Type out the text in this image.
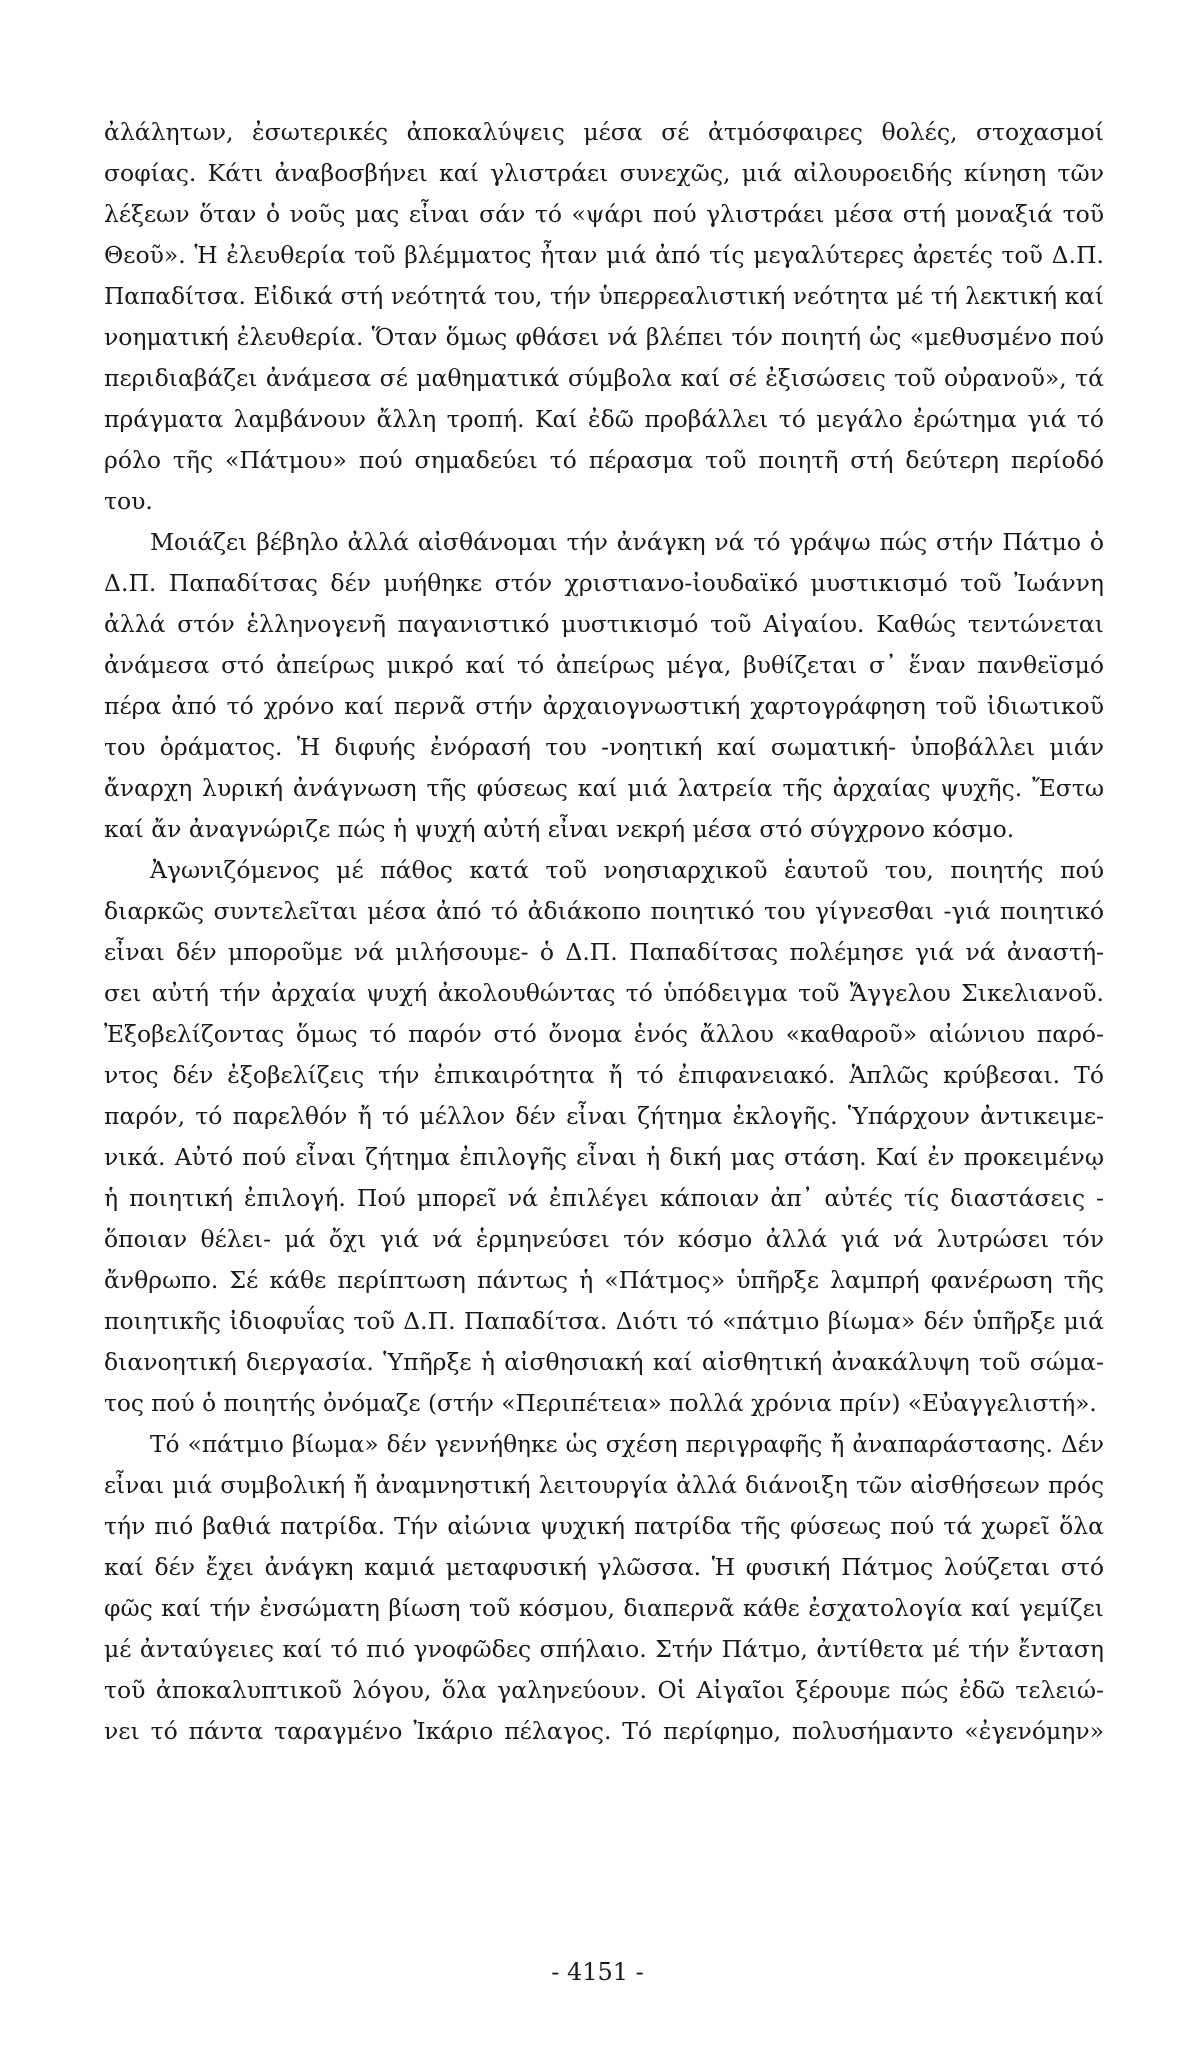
ἀλάλητων, ἐσωτερικές ἀποκαλύψεις μέσα σέ ἀτμόσφαιρες θολές, στοχασμοί
σοφίας. Κάτι ἀναβοσβήνει καί γλιστράει συνεχῶς, μιά αἰλουροειδής κίνηση τῶν
λέξεων ὅταν ὁ νοῦς μας εἶναι σάν τό «ψάρι πού γλιστράει μέσα στή μοναξιά τοῦ
Θεοῦ». Ἡ ἐλευθερία τοῦ βλέμματος ἦταν μιά ἀπό τίς μεγαλύτερες ἀρετές τοῦ Δ.Π.
Παπαδίτσα. Εἰδικά στή νεότητά του, τήν ὑπερρεαλιστική νεότητα μέ τή λεκτική καί
νοηματική ἐλευθερία. Ὅταν ὅμως φθάσει νά βλέπει τόν ποιητή ὡς «μεθυσμένο πού
περιδιαβάζει ἀνάμεσα σέ μαθηματικά σύμβολα καί σέ ἐξισώσεις τοῦ οὐρανοῦ», τά
πράγματα λαμβάνουν ἄλλη τροπή. Καί ἐδῶ προβάλλει τό μεγάλο ἐρώτημα γιά τό
ρόλο τῆς «Πάτμου» πού σημαδεύει τό πέρασμα τοῦ ποιητῆ στή δεύτερη περίοδό
του.
Μοιάζει βέβηλο ἀλλά αἰσθάνομαι τήν ἀνάγκη νά τό γράψω πώς στήν Πάτμο ὁ
Δ.Π. Παπαδίτσας δέν μυήθηκε στόν χριστιανο-ἰουδαϊκό μυστικισμό τοῦ Ἰωάννη
ἀλλά στόν ἑλληνογενῆ παγανιστικό μυστικισμό τοῦ Αἰγαίου. Καθώς τεντώνεται
ἀνάμεσα στό ἀπείρως μικρό καί τό ἀπείρως μέγα, βυθίζεται σ᾽ ἕναν πανθεϊσμό
πέρα ἀπό τό χρόνο καί περνᾶ στήν ἀρχαιογνωστική χαρτογράφηση τοῦ ἰδιωτικοῦ
του ὁράματος. Ἡ διφυής ἐνόρασή του -νοητική καί σωματική- ὑποβάλλει μιάν
ἄναρχη λυρική ἀνάγνωση τῆς φύσεως καί μιά λατρεία τῆς ἀρχαίας ψυχῆς. Ἔστω
καί ἄν ἀναγνώριζε πώς ἡ ψυχή αὐτή εἶναι νεκρή μέσα στό σύγχρονο κόσμο.
Ἀγωνιζόμενος μέ πάθος κατά τοῦ νοησιαρχικοῦ ἑαυτοῦ του, ποιητής πού
διαρκῶς συντελεῖται μέσα ἀπό τό ἀδιάκοπο ποιητικό του γίγνεσθαι -γιά ποιητικό
εἶναι δέν μποροῦμε νά μιλήσουμε- ὁ Δ.Π. Παπαδίτσας πολέμησε γιά νά ἀναστή-
σει αὐτή τήν ἀρχαία ψυχή ἀκολουθώντας τό ὑπόδειγμα τοῦ Ἄγγελου Σικελιανοῦ.
Ἐξοβελίζοντας ὅμως τό παρόν στό ὄνομα ἑνός ἄλλου «καθαροῦ» αἰώνιου παρό-
ντος δέν ἐξοβελίζεις τήν ἐπικαιρότητα ἤ τό ἐπιφανειακό. Ἁπλῶς κρύβεσαι. Τό
παρόν, τό παρελθόν ἤ τό μέλλον δέν εἶναι ζήτημα ἐκλογῆς. Ὑπάρχουν ἀντικειμε-
νικά. Αὐτό πού εἶναι ζήτημα ἐπιλογῆς εἶναι ἡ δική μας στάση. Καί ἐν προκειμένῳ
ἡ ποιητική ἐπιλογή. Πού μπορεῖ νά ἐπιλέγει κάποιαν ἀπ᾽ αὐτές τίς διαστάσεις -
ὅποιαν θέλει- μά ὄχι γιά νά ἑρμηνεύσει τόν κόσμο ἀλλά γιά νά λυτρώσει τόν
ἄνθρωπο. Σέ κάθε περίπτωση πάντως ἡ «Πάτμος» ὑπῆρξε λαμπρή φανέρωση τῆς
ποιητικῆς ἰδιοφυΐας τοῦ Δ.Π. Παπαδίτσα. Διότι τό «πάτμιο βίωμα» δέν ὑπῆρξε μιά
διανοητική διεργασία. Ὑπῆρξε ἡ αἰσθησιακή καί αἰσθητική ἀνακάλυψη τοῦ σώμα-
τος πού ὁ ποιητής ὀνόμαζε (στήν «Περιπέτεια» πολλά χρόνια πρίν) «Εὐαγγελιστή».
Τό «πάτμιο βίωμα» δέν γεννήθηκε ὡς σχέση περιγραφῆς ἤ ἀναπαράστασης. Δέν
εἶναι μιά συμβολική ἤ ἀναμνηστική λειτουργία ἀλλά διάνοιξη τῶν αἰσθήσεων πρός
τήν πιό βαθιά πατρίδα. Τήν αἰώνια ψυχική πατρίδα τῆς φύσεως πού τά χωρεῖ ὅλα
καί δέν ἔχει ἀνάγκη καμιά μεταφυσική γλῶσσα. Ἡ φυσική Πάτμος λούζεται στό
φῶς καί τήν ἐνσώματη βίωση τοῦ κόσμου, διαπερνᾶ κάθε ἐσχατολογία καί γεμίζει
μέ ἀνταύγειες καί τό πιό γνοφῶδες σπήλαιο. Στήν Πάτμο, ἀντίθετα μέ τήν ἔνταση
τοῦ ἀποκαλυπτικοῦ λόγου, ὅλα γαληνεύουν. Οἱ Αἰγαῖοι ξέρουμε πώς ἐδῶ τελειώ-
νει τό πάντα ταραγμένο Ἰκάριο πέλαγος. Τό περίφημο, πολυσήμαντο «ἐγενόμην»
- 4151 -
